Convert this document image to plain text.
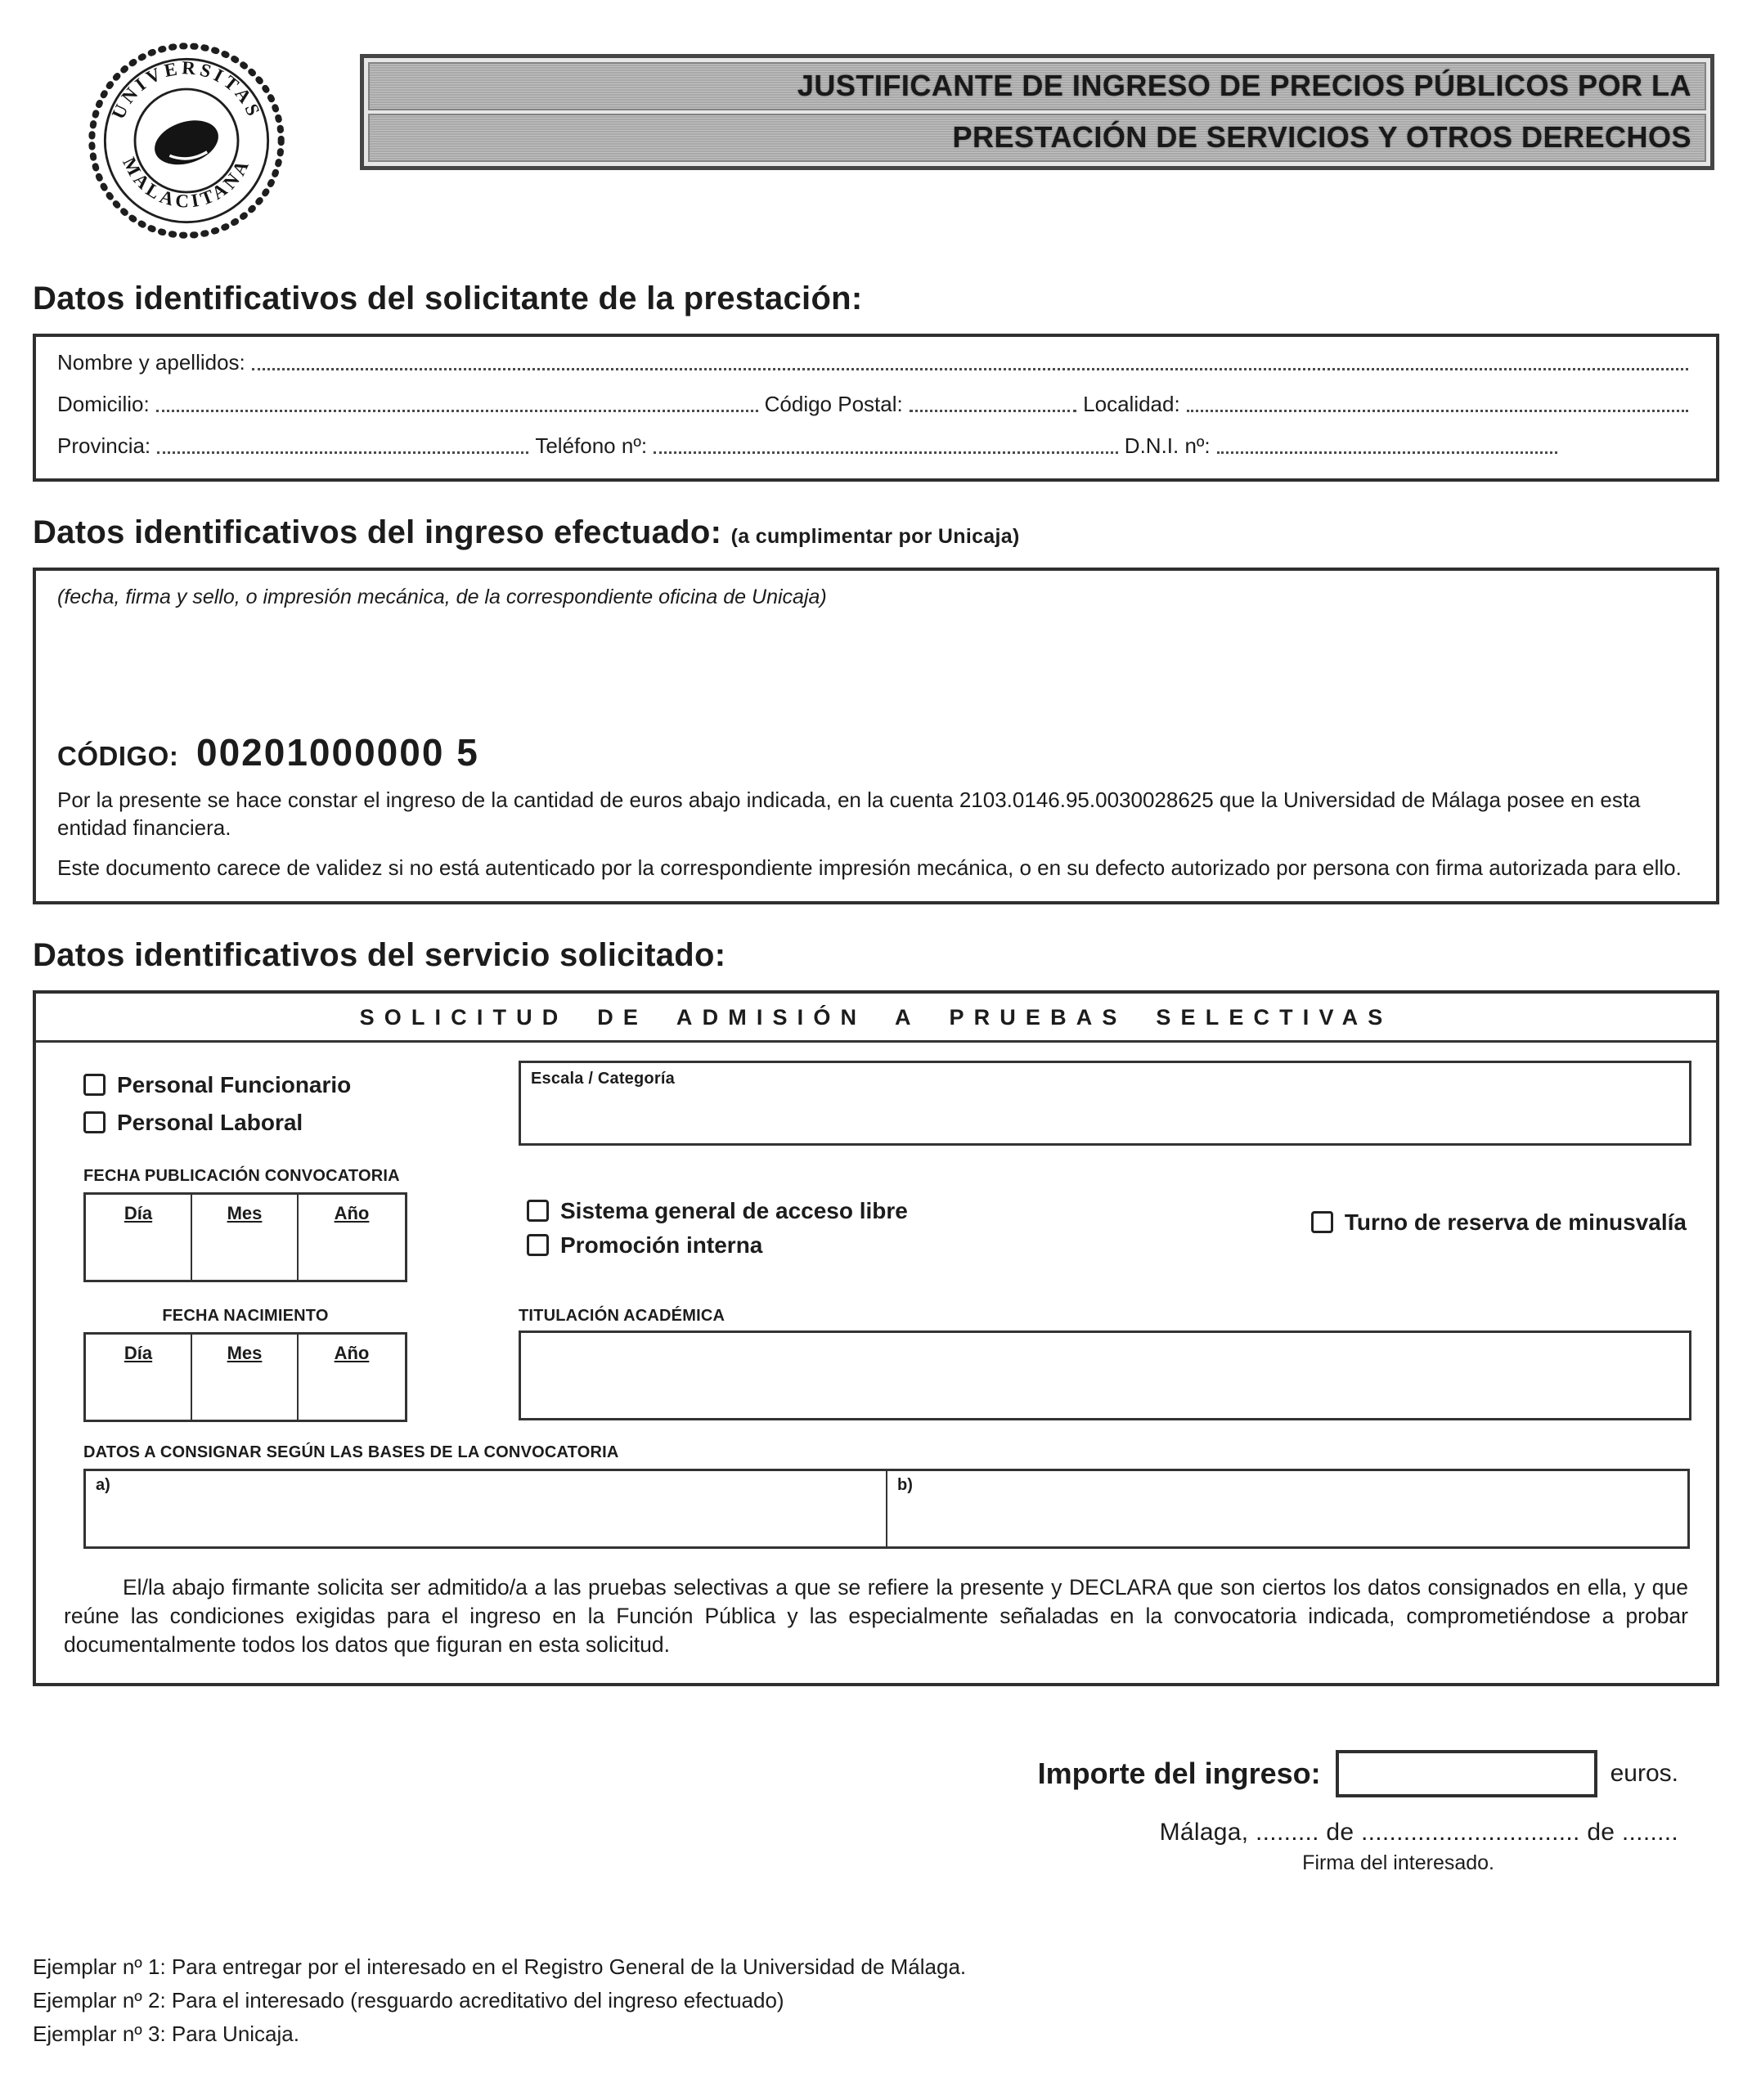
UNIVERSITAS
MALACITANA
JUSTIFICANTE DE INGRESO DE PRECIOS PÚBLICOS POR LA
PRESTACIÓN DE SERVICIOS Y OTROS DERECHOS
Datos identificativos del solicitante de la prestación:
Nombre y apellidos:
Domicilio:	Código Postal:	Localidad:
Provincia:	Teléfono nº:	D.N.I. nº:
Datos identificativos del ingreso efectuado: (a cumplimentar por Unicaja)
(fecha, firma y sello, o impresión mecánica, de la correspondiente oficina de Unicaja)
CÓDIGO: 00201000000 5

Por la presente se hace constar el ingreso de la cantidad de euros abajo indicada, en la cuenta 2103.0146.95.0030028625 que la Universidad de Málaga posee en esta entidad financiera.

Este documento carece de validez si no está autenticado por la correspondiente impresión mecánica, o en su defecto autorizado por persona con firma autorizada para ello.

Datos identificativos del servicio solicitado:
SOLICITUD DE ADMISIÓN A PRUEBAS SELECTIVAS
Personal Funcionario
Personal Laboral
Escala / Categoría
FECHA PUBLICACIÓN CONVOCATORIA
Día	Mes	Año	Sistema general de acceso libre
Promoción interna
Turno de reserva de minusvalía
FECHA NACIMIENTO
Día	Mes	Año
TITULACIÓN ACADÉMICA
DATOS A CONSIGNAR SEGÚN LAS BASES DE LA CONVOCATORIA
a)	b)
El/la abajo firmante solicita ser admitido/a a las pruebas selectivas a que se refiere la presente y DECLARA que son ciertos los datos consignados en ella, y que reúne las condiciones exigidas para el ingreso en la Función Pública y las especialmente señaladas en la convocatoria indicada, comprometiéndose a probar documentalmente todos los datos que figuran en esta solicitud.
Importe del ingreso:	euros.
Málaga, ......... de ............................... de ........
Firma del interesado.
Ejemplar nº 1: Para entregar por el interesado en el Registro General de la Universidad de Málaga.
Ejemplar nº 2: Para el interesado (resguardo acreditativo del ingreso efectuado)
Ejemplar nº 3: Para Unicaja.
